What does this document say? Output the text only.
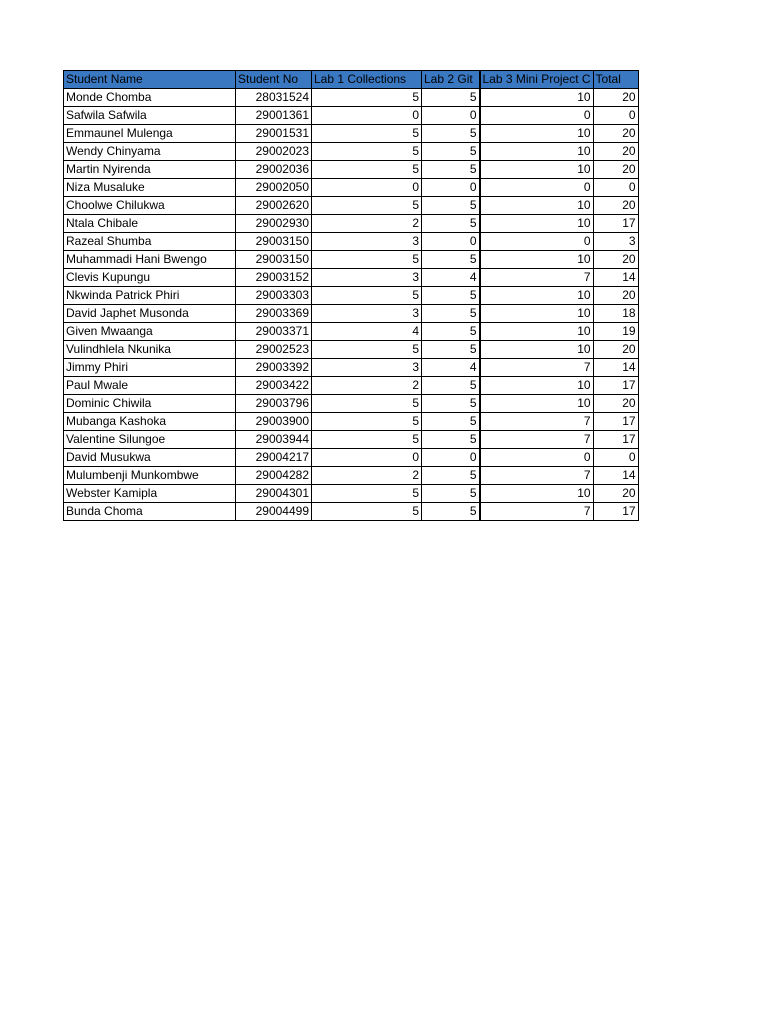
Student Name	Student No	Lab 1 Collections	Lab 2 Git	Lab 3 Mini Project C	Total
Monde Chomba	28031524	5	5	10	20
Safwila Safwila	29001361	0	0	0	0
Emmaunel Mulenga	29001531	5	5	10	20
Wendy Chinyama	29002023	5	5	10	20
Martin Nyirenda	29002036	5	5	10	20
Niza Musaluke	29002050	0	0	0	0
Choolwe Chilukwa	29002620	5	5	10	20
Ntala Chibale	29002930	2	5	10	17
Razeal Shumba	29003150	3	0	0	3
Muhammadi Hani Bwengo	29003150	5	5	10	20
Clevis Kupungu	29003152	3	4	7	14
Nkwinda Patrick Phiri	29003303	5	5	10	20
David Japhet Musonda	29003369	3	5	10	18
Given Mwaanga	29003371	4	5	10	19
Vulindhlela Nkunika	29002523	5	5	10	20
Jimmy Phiri	29003392	3	4	7	14
Paul Mwale	29003422	2	5	10	17
Dominic Chiwila	29003796	5	5	10	20
Mubanga Kashoka	29003900	5	5	7	17
Valentine Silungoe	29003944	5	5	7	17
David Musukwa	29004217	0	0	0	0
Mulumbenji Munkombwe	29004282	2	5	7	14
Webster Kamipla	29004301	5	5	10	20
Bunda Choma	29004499	5	5	7	17
